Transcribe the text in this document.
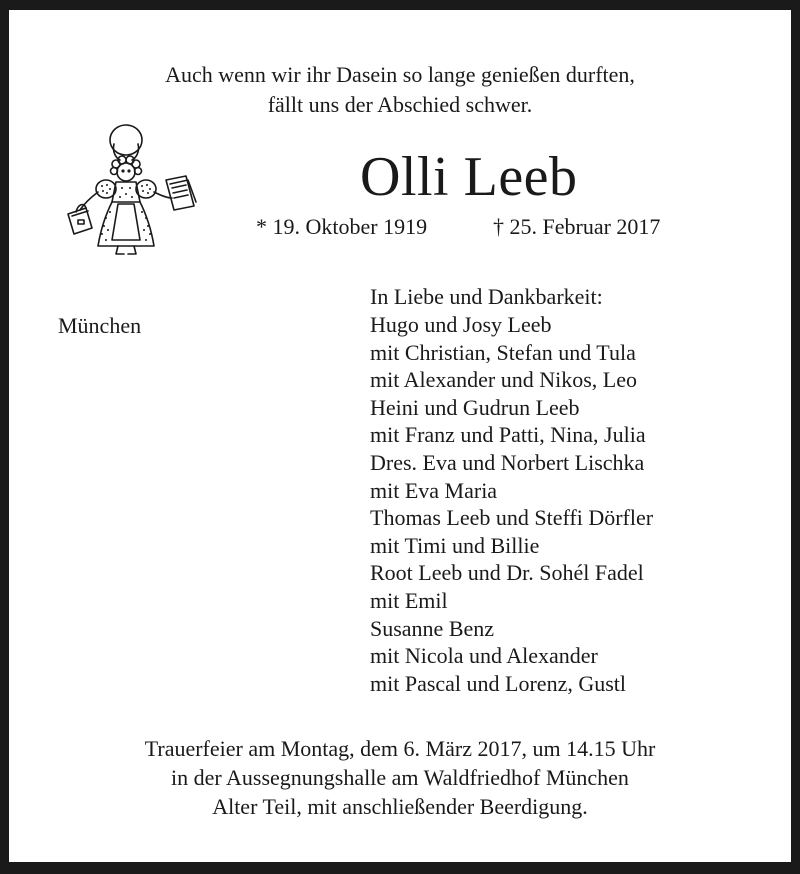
Auch wenn wir ihr Dasein so lange genießen durften,
fällt uns der Abschied schwer.
Olli Leeb
* 19. Oktober 1919	† 25. Februar 2017
München
In Liebe und Dankbarkeit:
Hugo und Josy Leeb
mit Christian, Stefan und Tula
mit Alexander und Nikos, Leo
Heini und Gudrun Leeb
mit Franz und Patti, Nina, Julia
Dres. Eva und Norbert Lischka
mit Eva Maria
Thomas Leeb und Steffi Dörfler
mit Timi und Billie
Root Leeb und Dr. Sohél Fadel
mit Emil
Susanne Benz
mit Nicola und Alexander
mit Pascal und Lorenz, Gustl
Trauerfeier am Montag, dem 6. März 2017, um 14.15 Uhr
in der Aussegnungshalle am Waldfriedhof München
Alter Teil, mit anschließender Beerdigung.
